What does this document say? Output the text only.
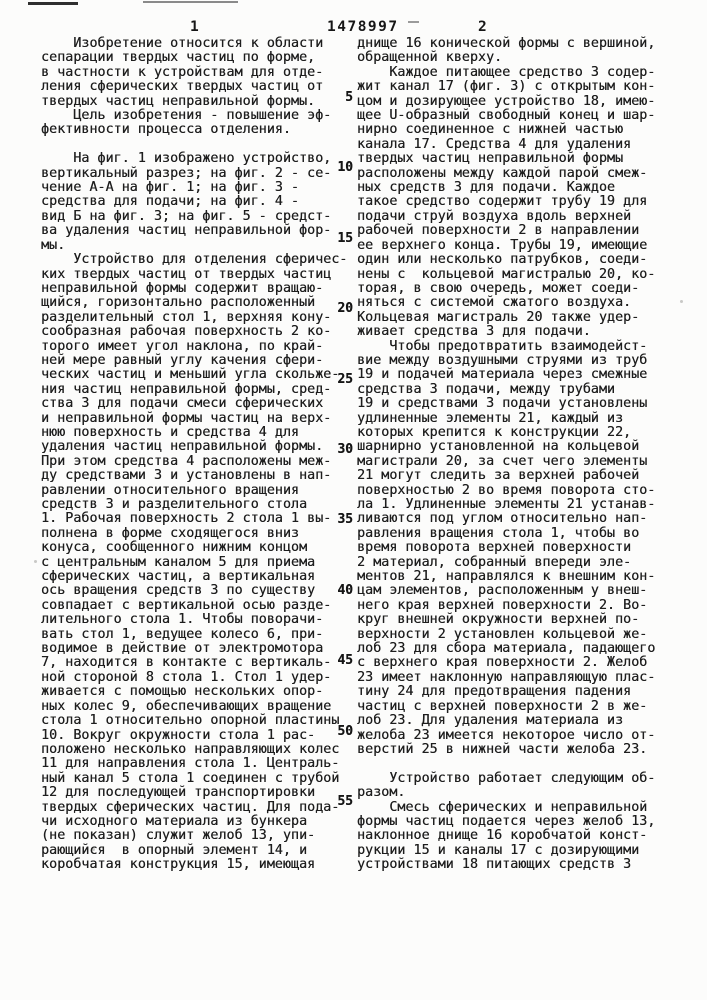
1	1478997	2
Изобретение относится к области
сепарации твердых частиц по форме,
в частности к устройствам для отде-
ления сферических твердых частиц от
твердых частиц неправильной формы.
Цель изобретения - повышение эф-
фективности процесса отделения.

На фиг. 1 изображено устройство,
вертикальный разрез; на фиг. 2 - се-
чение А-А на фиг. 1; на фиг. 3 -
средства для подачи; на фиг. 4 -
вид Б на фиг. 3; на фиг. 5 - средст-
ва удаления частиц неправильной фор-
мы.
Устройство для отделения сферичес-
ких твердых частиц от твердых частиц
неправильной формы содержит вращаю-
щийся, горизонтально расположенный
разделительный стол 1, верхняя кону-
сообразная рабочая поверхность 2 ко-
торого имеет угол наклона, по край-
ней мере равный углу качения сфери-
ческих частиц и меньший угла скольже-
ния частиц неправильной формы, сред-
ства 3 для подачи смеси сферических
и неправильной формы частиц на верх-
нюю поверхность и средства 4 для
удаления частиц неправильной формы.
При этом средства 4 расположены меж-
ду средствами 3 и установлены в нап-
равлении относительного вращения
средств 3 и разделительного стола
1. Рабочая поверхность 2 стола 1 вы-
полнена в форме сходящегося вниз
конуса, сообщенного нижним концом
с центральным каналом 5 для приема
сферических частиц, а вертикальная
ось вращения средств 3 по существу
совпадает с вертикальной осью разде-
лительного стола 1. Чтобы поворачи-
вать стол 1, ведущее колесо 6, при-
водимое в действие от электромотора
7, находится в контакте с вертикаль-
ной стороной 8 стола 1. Стол 1 удер-
живается с помощью нескольких опор-
ных колес 9, обеспечивающих вращение
стола 1 относительно опорной пластины
10. Вокруг окружности стола 1 рас-
положено несколько направляющих колес
11 для направления стола 1. Централь-
ный канал 5 стола 1 соединен с трубой
12 для последующей транспортировки
твердых сферических частиц. Для пода-
чи исходного материала из бункера
(не показан) служит желоб 13, упи-
рающийся  в опорный элемент 14, и
коробчатая конструкция 15, имеющая
5
10
15
20
25
30
35
40
45
50
55
днище 16 конической формы с вершиной,
обращенной кверху.
Каждое питающее средство 3 содер-
жит канал 17 (фиг. 3) с открытым кон-
цом и дозирующее устройство 18, имею-
щее U-образный свободный конец и шар-
нирно соединенное с нижней частью
канала 17. Средства 4 для удаления
твердых частиц неправильной формы
расположены между каждой парой смеж-
ных средств 3 для подачи. Каждое
такое средство содержит трубу 19 для
подачи струй воздуха вдоль верхней
рабочей поверхности 2 в направлении
ее верхнего конца. Трубы 19, имеющие
один или несколько патрубков, соеди-
нены с  кольцевой магистралью 20, ко-
торая, в свою очередь, может соеди-
няться с системой сжатого воздуха.
Кольцевая магистраль 20 также удер-
живает средства 3 для подачи.
Чтобы предотвратить взаимодейст-
вие между воздушными струями из труб
19 и подачей материала через смежные
средства 3 подачи, между трубами
19 и средствами 3 подачи установлены
удлиненные элементы 21, каждый из
которых крепится к конструкции 22,
шарнирно установленной на кольцевой
магистрали 20, за счет чего элементы
21 могут следить за верхней рабочей
поверхностью 2 во время поворота сто-
ла 1. Удлиненные элементы 21 устанав-
ливаются под углом относительно нап-
равления вращения стола 1, чтобы во
время поворота верхней поверхности
2 материал, собранный впереди эле-
ментов 21, направлялся к внешним кон-
цам элементов, расположенным у внеш-
него края верхней поверхности 2. Во-
круг внешней окружности верхней по-
верхности 2 установлен кольцевой же-
лоб 23 для сбора материала, падающего
с верхнего края поверхности 2. Желоб
23 имеет наклонную направляющую плас-
тину 24 для предотвращения падения
частиц с верхней поверхности 2 в же-
лоб 23. Для удаления материала из
желоба 23 имеется некоторое число от-
верстий 25 в нижней части желоба 23.

Устройство работает следующим об-
разом.
Смесь сферических и неправильной
формы частиц подается через желоб 13,
наклонное днище 16 коробчатой конст-
рукции 15 и каналы 17 с дозирующими
устройствами 18 питающих средств 3
